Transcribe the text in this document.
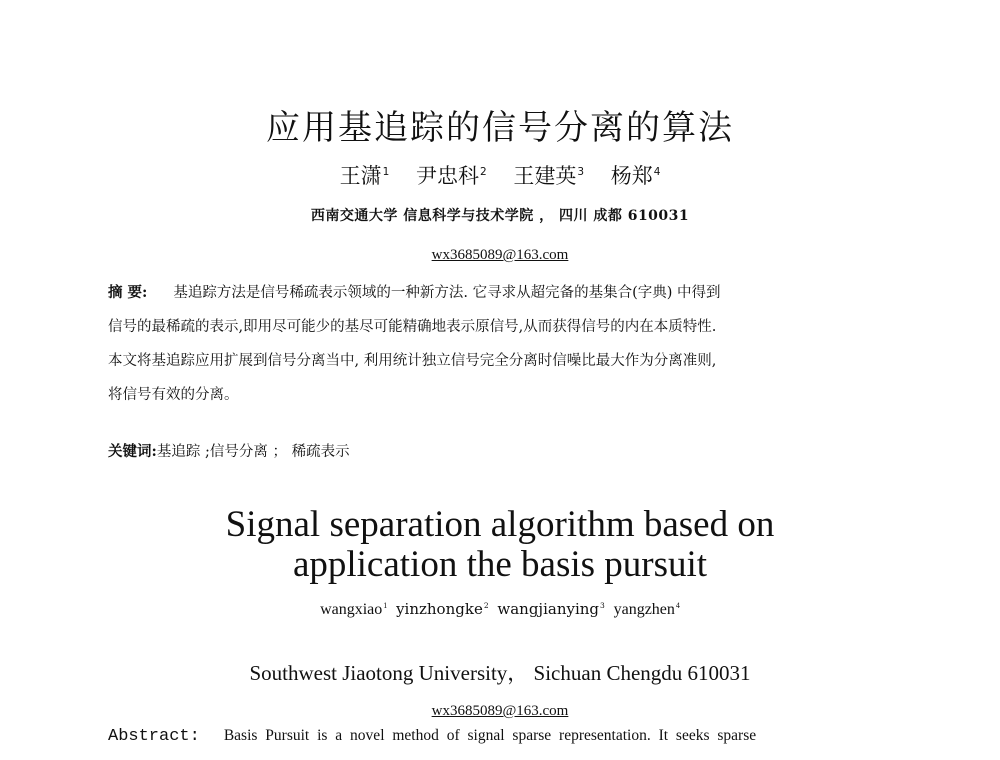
应用基追踪的信号分离的算法
王潇$^1$ 尹忠科$^2$ 王建英$^3$ 杨郑$^4$
西南交通大学 信息科学与技术学院 ， 四川 成都 610031
wx3685089@163.com
摘 要: 基追踪方法是信号稀疏表示领域的一种新方法. 它寻求从超完备的基集合(字典) 中得到
信号的最稀疏的表示,即用尽可能少的基尽可能精确地表示原信号,从而获得信号的内在本质特性.
本文将基追踪应用扩展到信号分离当中, 利用统计独立信号完全分离时信噪比最大作为分离准则,
将信号有效的分离。
关键词:基追踪 ;信号分离 ； 稀疏表示
Signal separation algorithm based on
application the basis pursuit
wangxiao$^1$ yinzhongke$^2$ wangjianying$^3$ yangzhen$^4$
Southwest Jiaotong University， Sichuan Chengdu 610031
wx3685089@163.com
Abstract: Basis Pursuit is a novel method of signal sparse representation. It seeks sparse
